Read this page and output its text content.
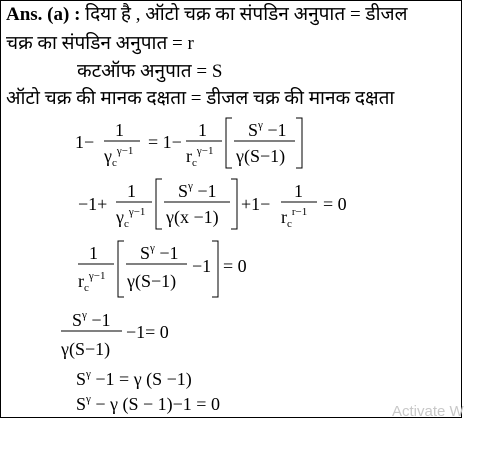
Ans. (a) : दिया है , ऑटो चक्र का संपडिन अनुपात = डीजल
चक्र का संपडिन अनुपात = r
कटऑफ अनुपात = S
ऑटो चक्र की मानक दक्षता = डीजल चक्र की मानक दक्षता
1−
1
$\gamma_c^{\gamma-1} = 1-$
1
$r_c^{\gamma-1}$
$S^\gamma -1$
γ(S−1)
−1+
1
$\gamma_c^{\gamma-1}$
$S^\gamma -1$
γ(x −1)
+1−
1
$r_c^{r-1} = 0$
1
$r_c^{\gamma-1}$
$S^\gamma -1$
γ(S−1)
−1 = 0
$S^\gamma -1$
γ(S−1)
−1= 0
$S^\gamma -1 = \gamma$ (S −1)
$S^\gamma - \gamma$ (S − 1)−1 = 0	Activate W
